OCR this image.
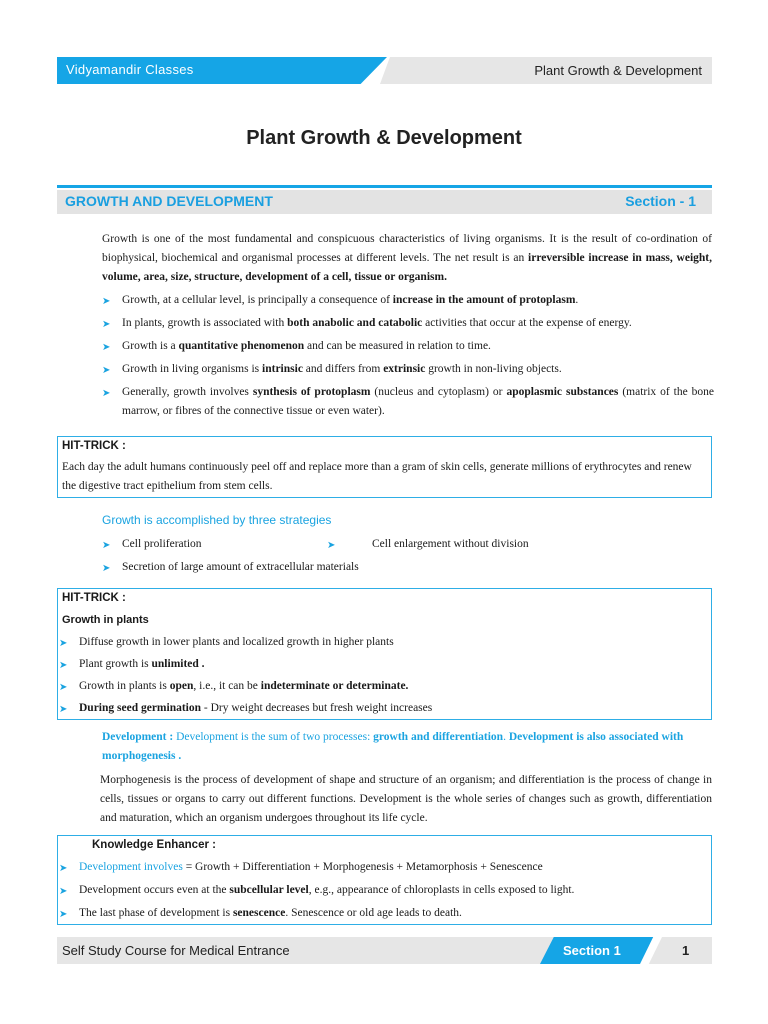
Vidyamandir Classes	Plant Growth & Development
Plant Growth & Development
GROWTH AND DEVELOPMENT	Section - 1
Growth is one of the most fundamental and conspicuous characteristics of living organisms. It is the result of co-ordination of biophysical, biochemical and organismal processes at different levels. The net result is an irreversible increase in mass, weight, volume, area, size, structure, development of a cell, tissue or organism.
➤	Growth, at a cellular level, is principally a consequence of increase in the amount of protoplasm.
➤	In plants, growth is associated with both anabolic and catabolic activities that occur at the expense of energy.
➤	Growth is a quantitative phenomenon and can be measured in relation to time.
➤	Growth in living organisms is intrinsic and differs from extrinsic growth in non-living objects.
➤	Generally, growth involves synthesis of protoplasm (nucleus and cytoplasm) or apoplasmic substances (matrix of the bone marrow, or fibres of the connective tissue or even water).
HIT-TRICK :
Each day the adult humans continuously peel off and replace more than a gram of skin cells, generate millions of erythrocytes and renew the digestive tract epithelium from stem cells.
Growth is accomplished by three strategies
➤	Cell proliferation	➤	Cell enlargement without division
➤	Secretion of large amount of extracellular materials
HIT-TRICK :
Growth in plants
➤	Diffuse growth in lower plants and localized growth in higher plants
➤	Plant growth is unlimited .
➤	Growth in plants is open, i.e., it can be indeterminate or determinate.
➤	During seed germination - Dry weight decreases but fresh weight increases
Development : Development is the sum of two processes: growth and differentiation. Development is also associated with morphogenesis .
Morphogenesis is the process of development of shape and structure of an organism; and differentiation is the process of change in cells, tissues or organs to carry out different functions. Development is the whole series of changes such as growth, differentiation and maturation, which an organism undergoes throughout its life cycle.
Knowledge Enhancer :
➤	Development involves = Growth + Differentiation + Morphogenesis + Metamorphosis + Senescence
➤	Development occurs even at the subcellular level, e.g., appearance of chloroplasts in cells exposed to light.
➤	The last phase of development is senescence. Senescence or old age leads to death.
Self Study Course for Medical Entrance	Section 1	1
